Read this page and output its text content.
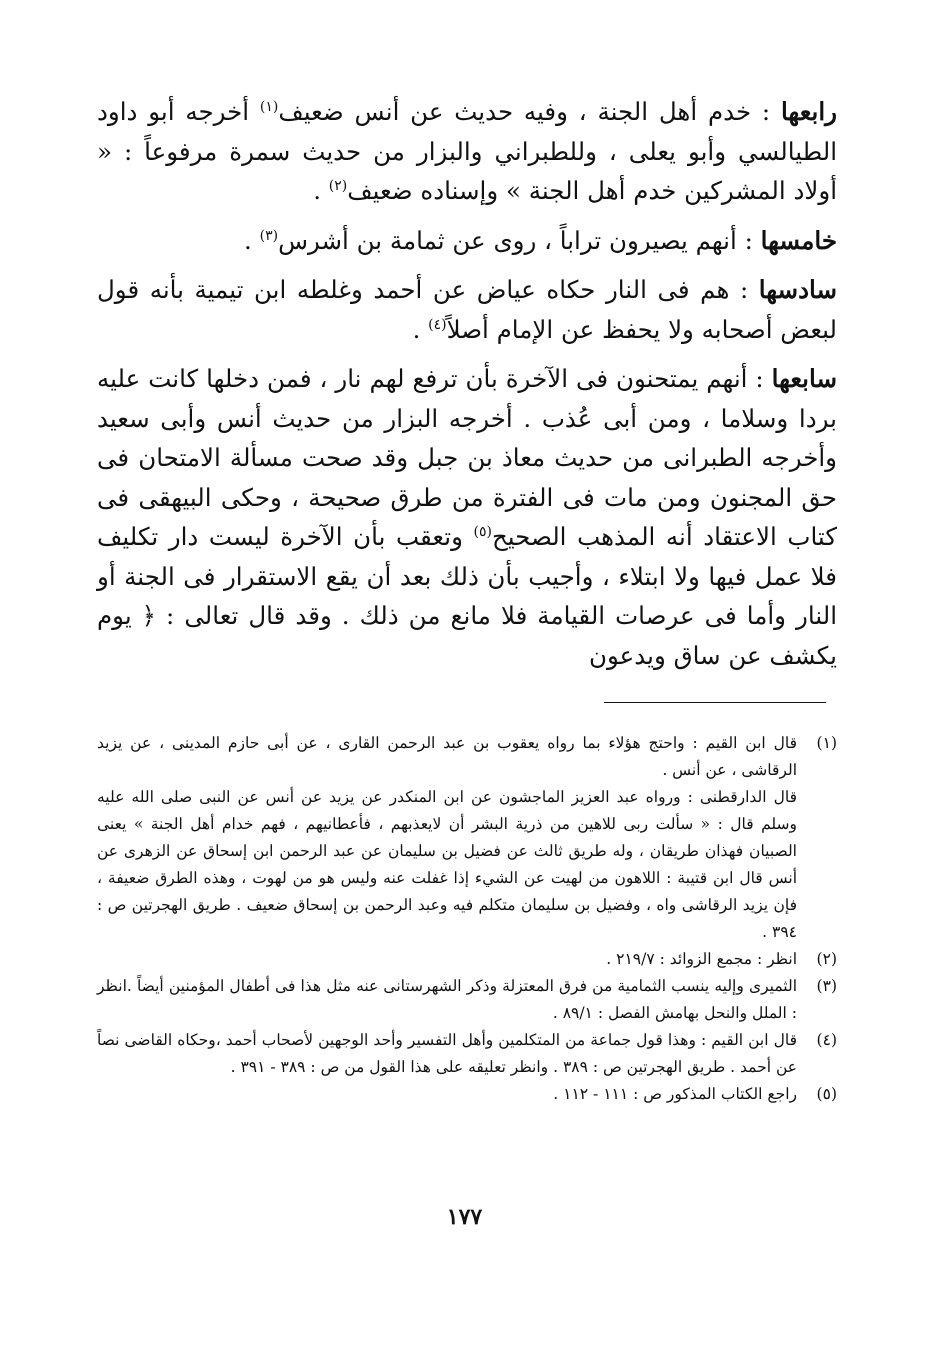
رابعها : خدم أهل الجنة ، وفيه حديث عن أنس ضعيف$^{(١)}$ أخرجه أبو داود الطيالسي وأبو يعلى ، وللطبراني والبزار من حديث سمرة مرفوعاً : « أولاد المشركين خدم أهل الجنة » وإسناده ضعيف$^{(٢)}$ .

خامسها : أنهم يصيرون تراباً ، روى عن ثمامة بن أشرس$^{(٣)}$ .

سادسها : هم فى النار حكاه عياض عن أحمد وغلطه ابن تيمية بأنه قول لبعض أصحابه ولا يحفظ عن الإمام أصلاً$^{(٤)}$ .

سابعها : أنهم يمتحنون فى الآخرة بأن ترفع لهم نار ، فمن دخلها كانت عليه بردا وسلاما ، ومن أبى عُذب . أخرجه البزار من حديث أنس وأبى سعيد وأخرجه الطبرانى من حديث معاذ بن جبل وقد صحت مسألة الامتحان فى حق المجنون ومن مات فى الفترة من طرق صحيحة ، وحكى البيهقى فى كتاب الاعتقاد أنه المذهب الصحيح$^{(٥)}$ وتعقب بأن الآخرة ليست دار تكليف فلا عمل فيها ولا ابتلاء ، وأجيب بأن ذلك بعد أن يقع الاستقرار فى الجنة أو النار وأما فى عرصات القيامة فلا مانع من ذلك . وقد قال تعالى : ﴿ يوم يكشف عن ساق ويدعون

(١)

قال ابن القيم : واحتج هؤلاء بما رواه يعقوب بن عبد الرحمن القارى ، عن أبى حازم المدينى ، عن يزيد الرقاشى ، عن أنس .

قال الدارقطنى : ورواه عبد العزيز الماجشون عن ابن المنكدر عن يزيد عن أنس عن النبى صلى الله عليه وسلم قال : « سألت ربى للاهين من ذرية البشر أن لايعذبهم ، فأعطانيهم ، فهم خدام أهل الجنة » يعنى الصبيان فهذان طريقان ، وله طريق ثالث عن فضيل بن سليمان عن عبد الرحمن ابن إسحاق عن الزهرى عن أنس قال ابن قتيبة : اللاهون من لهيت عن الشيء إذا غفلت عنه وليس هو من لهوت ، وهذه الطرق ضعيفة ، فإن يزيد الرقاشى واه ، وفضيل بن سليمان متكلم فيه وعبد الرحمن بن إسحاق ضعيف . طريق الهجرتين ص : ٣٩٤ .

(٢)

انظر : مجمع الزوائد : ٢١٩/٧ .

(٣)

الثميرى وإليه ينسب الثمامية من فرق المعتزلة وذكر الشهرستانى عنه مثل هذا فى أطفال المؤمنين أيضاً .انظر : الملل والنحل بهامش الفصل : ٨٩/١ .

(٤)

قال ابن القيم : وهذا قول جماعة من المتكلمين وأهل التفسير وأحد الوجهين لأصحاب أحمد ،وحكاه القاضى نصاً عن أحمد . طريق الهجرتين ص : ٣٨٩ . وانظر تعليقه على هذا القول من ص : ٣٨٩ - ٣٩١ .

(٥)

راجع الكتاب المذكور ص : ١١١ - ١١٢ .

١٧٧
